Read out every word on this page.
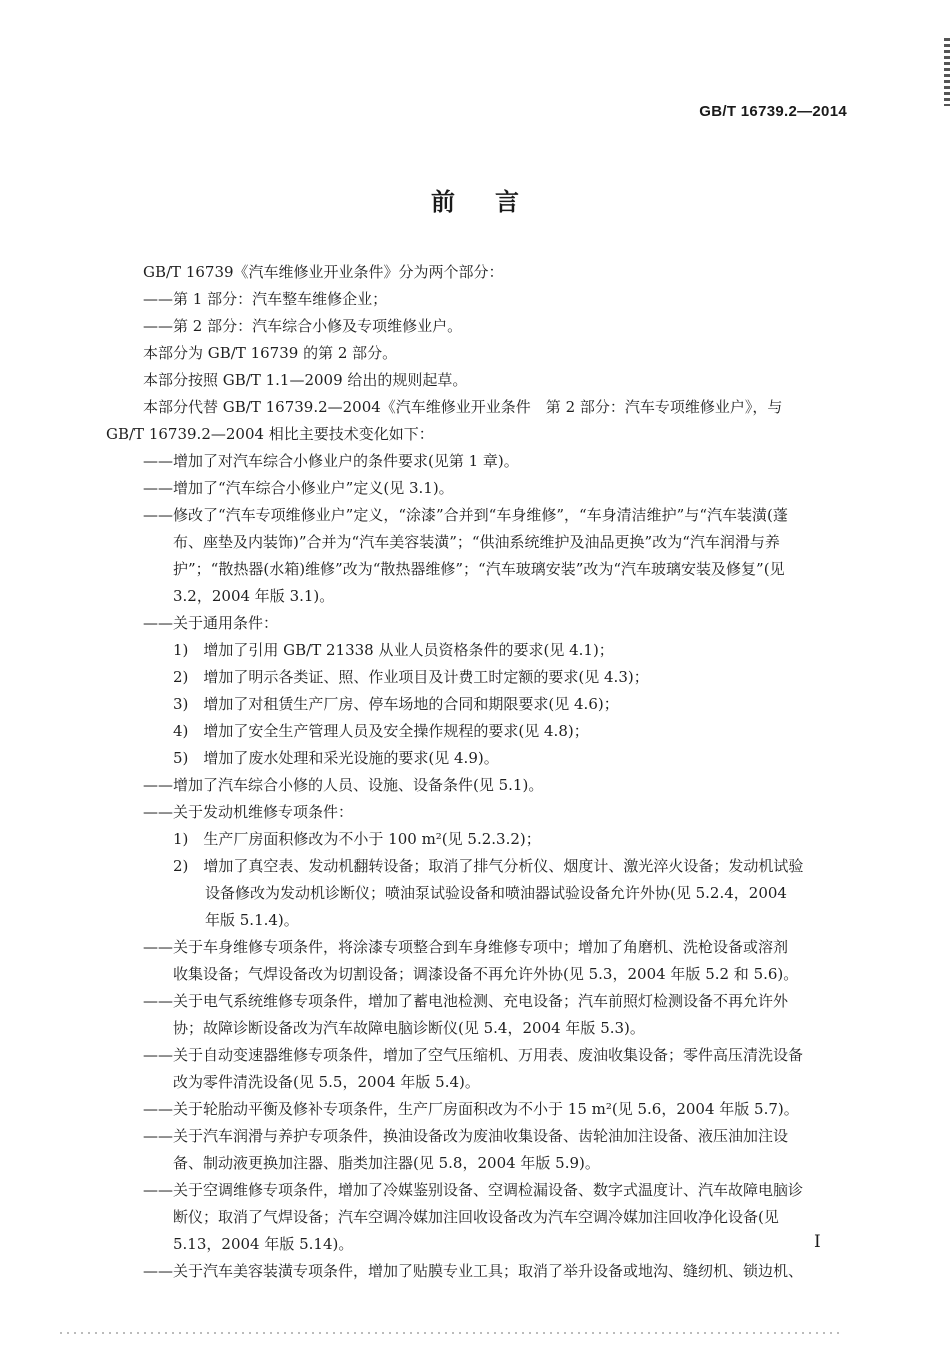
GB/T 16739.2—2014
前言
GB/T 16739《汽车维修业开业条件》分为两个部分：
——第 1 部分：汽车整车维修企业；
——第 2 部分：汽车综合小修及专项维修业户。
本部分为 GB/T 16739 的第 2 部分。
本部分按照 GB/T 1.1—2009 给出的规则起草。
本部分代替 GB/T 16739.2—2004《汽车维修业开业条件　第 2 部分：汽车专项维修业户》，与
GB/T 16739.2—2004 相比主要技术变化如下：
——增加了对汽车综合小修业户的条件要求(见第 1 章)。
——增加了“汽车综合小修业户”定义(见 3.1)。
——修改了“汽车专项维修业户”定义，“涂漆”合并到“车身维修”，“车身清洁维护”与“汽车装潢(蓬
布、座垫及内装饰)”合并为“汽车美容装潢”；“供油系统维护及油品更换”改为“汽车润滑与养
护”；“散热器(水箱)维修”改为“散热器维修”；“汽车玻璃安装”改为“汽车玻璃安装及修复”(见
3.2，2004 年版 3.1)。
——关于通用条件：
1)　增加了引用 GB/T 21338 从业人员资格条件的要求(见 4.1)；
2)　增加了明示各类证、照、作业项目及计费工时定额的要求(见 4.3)；
3)　增加了对租赁生产厂房、停车场地的合同和期限要求(见 4.6)；
4)　增加了安全生产管理人员及安全操作规程的要求(见 4.8)；
5)　增加了废水处理和采光设施的要求(见 4.9)。
——增加了汽车综合小修的人员、设施、设备条件(见 5.1)。
——关于发动机维修专项条件：
1)　生产厂房面积修改为不小于 100 m²(见 5.2.3.2)；
2)　增加了真空表、发动机翻转设备；取消了排气分析仪、烟度计、激光淬火设备；发动机试验
设备修改为发动机诊断仪；喷油泵试验设备和喷油器试验设备允许外协(见 5.2.4，2004
年版 5.1.4)。
——关于车身维修专项条件，将涂漆专项整合到车身维修专项中；增加了角磨机、洗枪设备或溶剂
收集设备；气焊设备改为切割设备；调漆设备不再允许外协(见 5.3，2004 年版 5.2 和 5.6)。
——关于电气系统维修专项条件，增加了蓄电池检测、充电设备；汽车前照灯检测设备不再允许外
协；故障诊断设备改为汽车故障电脑诊断仪(见 5.4，2004 年版 5.3)。
——关于自动变速器维修专项条件，增加了空气压缩机、万用表、废油收集设备；零件高压清洗设备
改为零件清洗设备(见 5.5，2004 年版 5.4)。
——关于轮胎动平衡及修补专项条件，生产厂房面积改为不小于 15 m²(见 5.6，2004 年版 5.7)。
——关于汽车润滑与养护专项条件，换油设备改为废油收集设备、齿轮油加注设备、液压油加注设
备、制动液更换加注器、脂类加注器(见 5.8，2004 年版 5.9)。
——关于空调维修专项条件，增加了冷媒鉴别设备、空调检漏设备、数字式温度计、汽车故障电脑诊
断仪；取消了气焊设备；汽车空调冷媒加注回收设备改为汽车空调冷媒加注回收净化设备(见
5.13，2004 年版 5.14)。
——关于汽车美容装潢专项条件，增加了贴膜专业工具；取消了举升设备或地沟、缝纫机、锁边机、
I
